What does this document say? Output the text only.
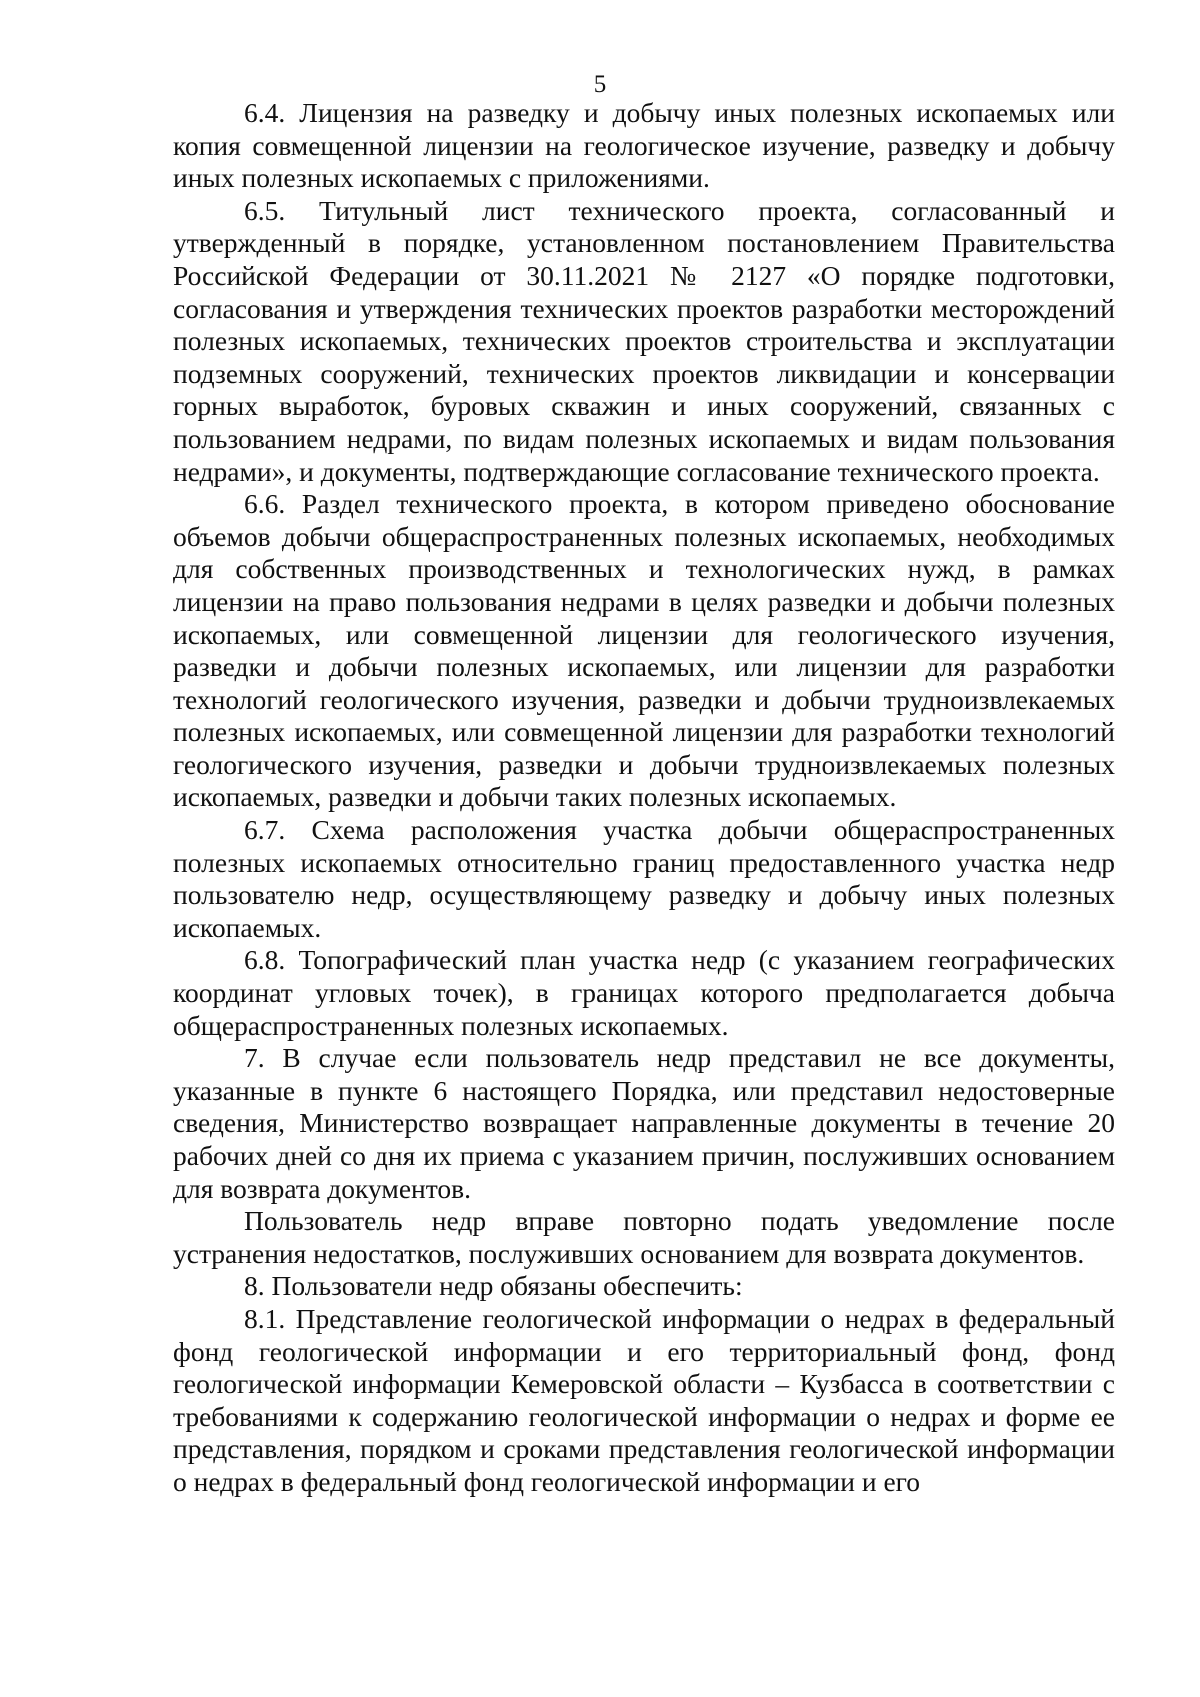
5

6.4. Лицензия на разведку и добычу иных полезных ископаемых или копия совмещенной лицензии на геологическое изучение, разведку и добычу иных полезных ископаемых с приложениями.

6.5. Титульный лист технического проекта, согласованный и утвержденный в порядке, установленном постановлением Правительства Российской Федерации от 30.11.2021 № 2127 «О порядке подготовки, согласования и утверждения технических проектов разработки месторождений полезных ископаемых, технических проектов строительства и эксплуатации подземных сооружений, технических проектов ликвидации и консервации горных выработок, буровых скважин и иных сооружений, связанных с пользованием недрами, по видам полезных ископаемых и видам пользования недрами», и документы, подтверждающие согласование технического проекта.

6.6. Раздел технического проекта, в котором приведено обоснование объемов добычи общераспространенных полезных ископаемых, необходимых для собственных производственных и технологических нужд, в рамках лицензии на право пользования недрами в целях разведки и добычи полезных ископаемых, или совмещенной лицензии для геологического изучения, разведки и добычи полезных ископаемых, или лицензии для разработки технологий геологического изучения, разведки и добычи трудноизвлекаемых полезных ископаемых, или совмещенной лицензии для разработки технологий геологического изучения, разведки и добычи трудноизвлекаемых полезных ископаемых, разведки и добычи таких полезных ископаемых.

6.7. Схема расположения участка добычи общераспространенных полезных ископаемых относительно границ предоставленного участка недр пользователю недр, осуществляющему разведку и добычу иных полезных ископаемых.

6.8. Топографический план участка недр (с указанием географических координат угловых точек), в границах которого предполагается добыча общераспространенных полезных ископаемых.

7. В случае если пользователь недр представил не все документы, указанные в пункте 6 настоящего Порядка, или представил недостоверные сведения, Министерство возвращает направленные документы в течение 20 рабочих дней со дня их приема с указанием причин, послуживших основанием для возврата документов.

Пользователь недр вправе повторно подать уведомление после устранения недостатков, послуживших основанием для возврата документов.

8. Пользователи недр обязаны обеспечить:

8.1. Представление геологической информации о недрах в федеральный фонд геологической информации и его территориальный фонд, фонд геологической информации Кемеровской области – Кузбасса в соответствии с требованиями к содержанию геологической информации о недрах и форме ее представления, порядком и сроками представления геологической информации о недрах в федеральный фонд геологической информации и его
